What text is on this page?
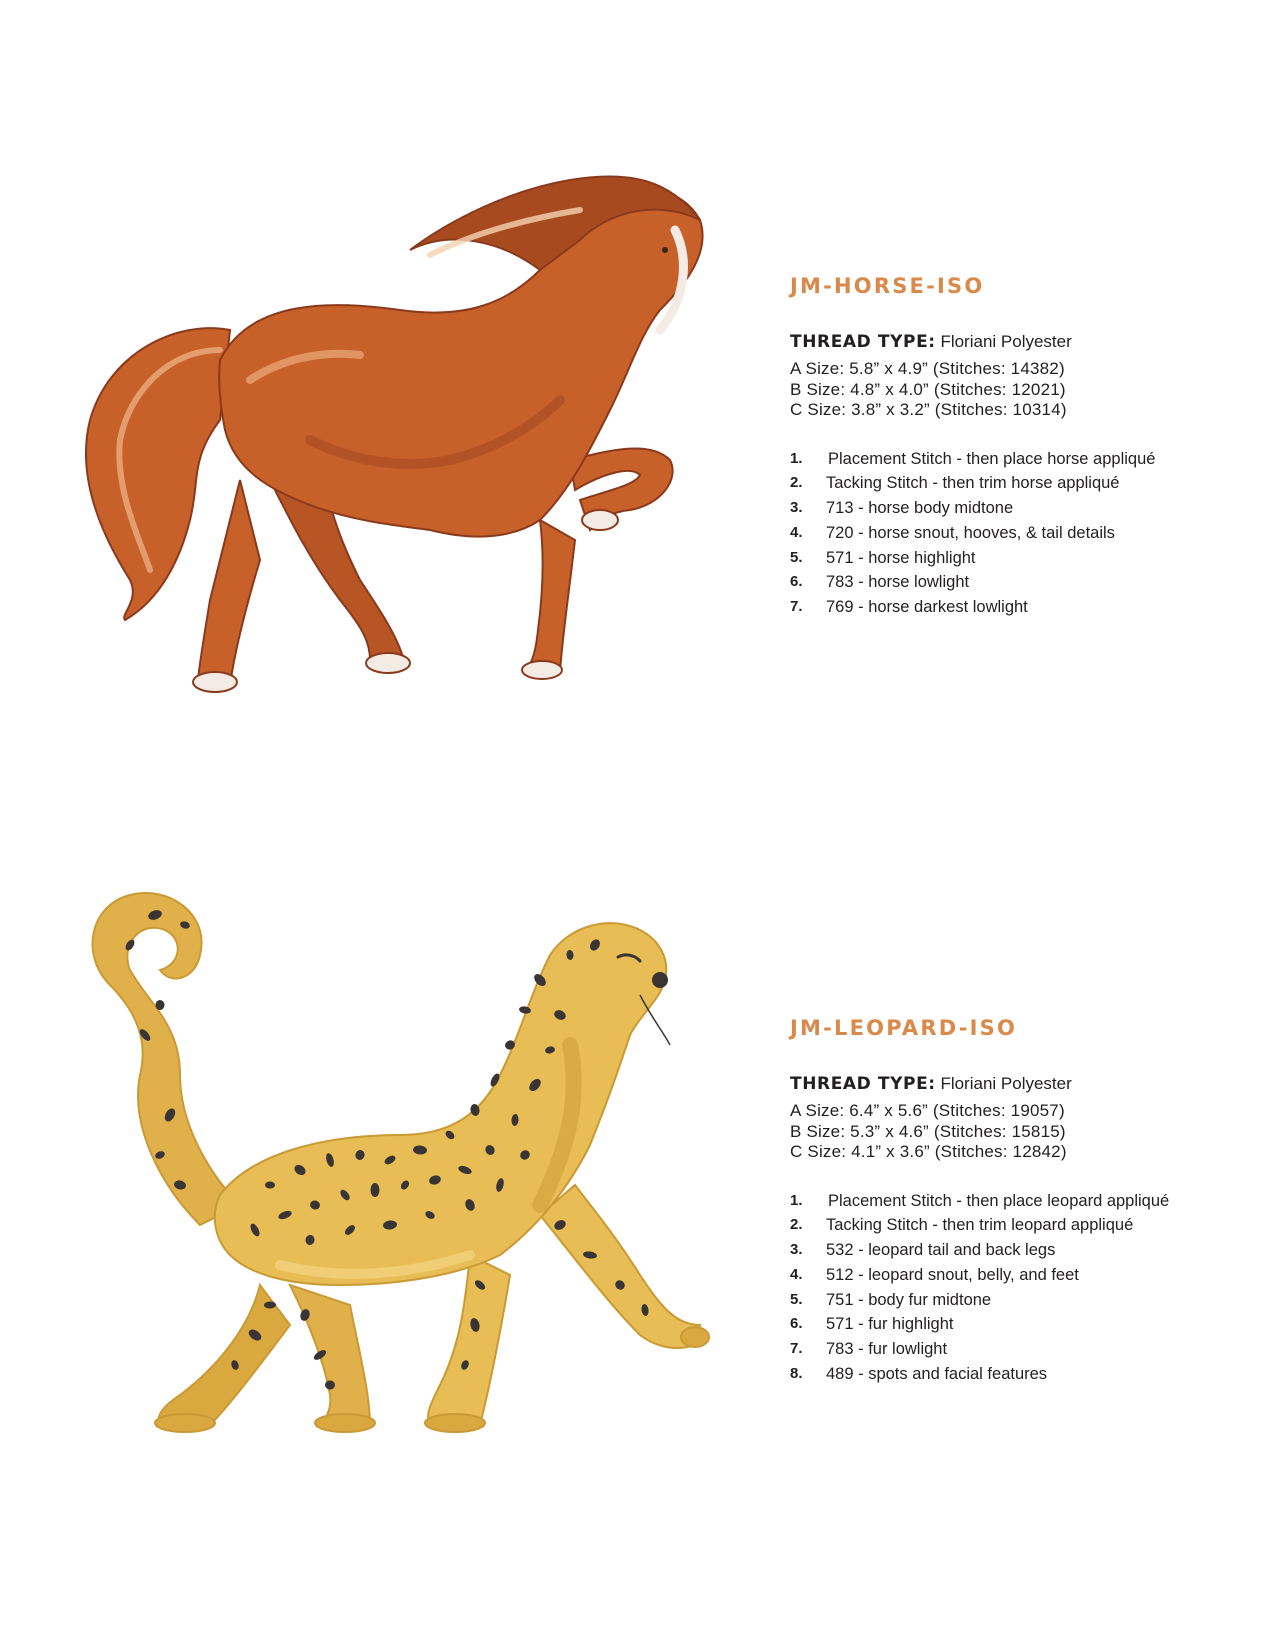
JM-HORSE-ISO
THREAD TYPE: Floriani Polyester
A Size: 5.8” x 4.9” (Stitches: 14382)
B Size: 4.8” x 4.0” (Stitches: 12021)
C Size: 3.8” x 3.2” (Stitches: 10314)
1. Placement Stitch - then place horse appliqué
2. Tacking Stitch - then trim horse appliqué
3. 713 - horse body midtone
4. 720 - horse snout, hooves, & tail details
5. 571 - horse highlight
6. 783 - horse lowlight
7. 769 - horse darkest lowlight
JM-LEOPARD-ISO
THREAD TYPE: Floriani Polyester
A Size: 6.4” x 5.6” (Stitches: 19057)
B Size: 5.3” x 4.6” (Stitches: 15815)
C Size: 4.1” x 3.6” (Stitches: 12842)
1. Placement Stitch - then place leopard appliqué
2. Tacking Stitch - then trim leopard appliqué
3. 532 - leopard tail and back legs
4. 512 - leopard snout, belly, and feet
5. 751 - body fur midtone
6. 571 - fur highlight
7. 783 - fur lowlight
8. 489 - spots and facial features
